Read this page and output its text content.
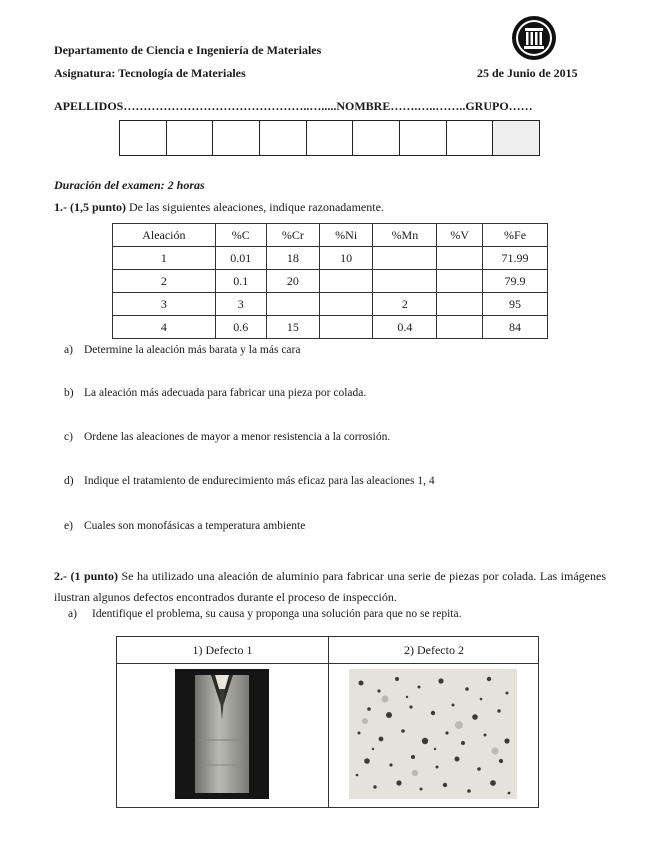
Departamento de Ciencia e Ingeniería de Materiales
Asignatura: Tecnología de Materiales	25 de Junio de 2015
APELLIDOS………………………………………..….....NOMBRE…….…..……..GRUPO……
Duración del examen: 2 horas
1.- (1,5 punto) De las siguientes aleaciones, indique razonadamente.
Aleación	%C	%Cr	%Ni	%Mn	%V	%Fe
1	0.01	18	10			71.99
2	0.1	20				79.9
3	3			2		95
4	0.6	15		0.4		84
a) Determine la aleación más barata y la más cara
b) La aleación más adecuada para fabricar una pieza por colada.
c) Ordene las aleaciones de mayor a menor resistencia a la corrosión.
d) Indique el tratamiento de endurecimiento más eficaz para las aleaciones 1, 4
e) Cuales son monofásicas a temperatura ambiente
2.- (1 punto) Se ha utilizado una aleación de aluminio para fabricar una serie de piezas por colada. Las imágenes ilustran algunos defectos encontrados durante el proceso de inspección.
a) Identifique el problema, su causa y proponga una solución para que no se repita.
1) Defecto 1	2) Defecto 2
